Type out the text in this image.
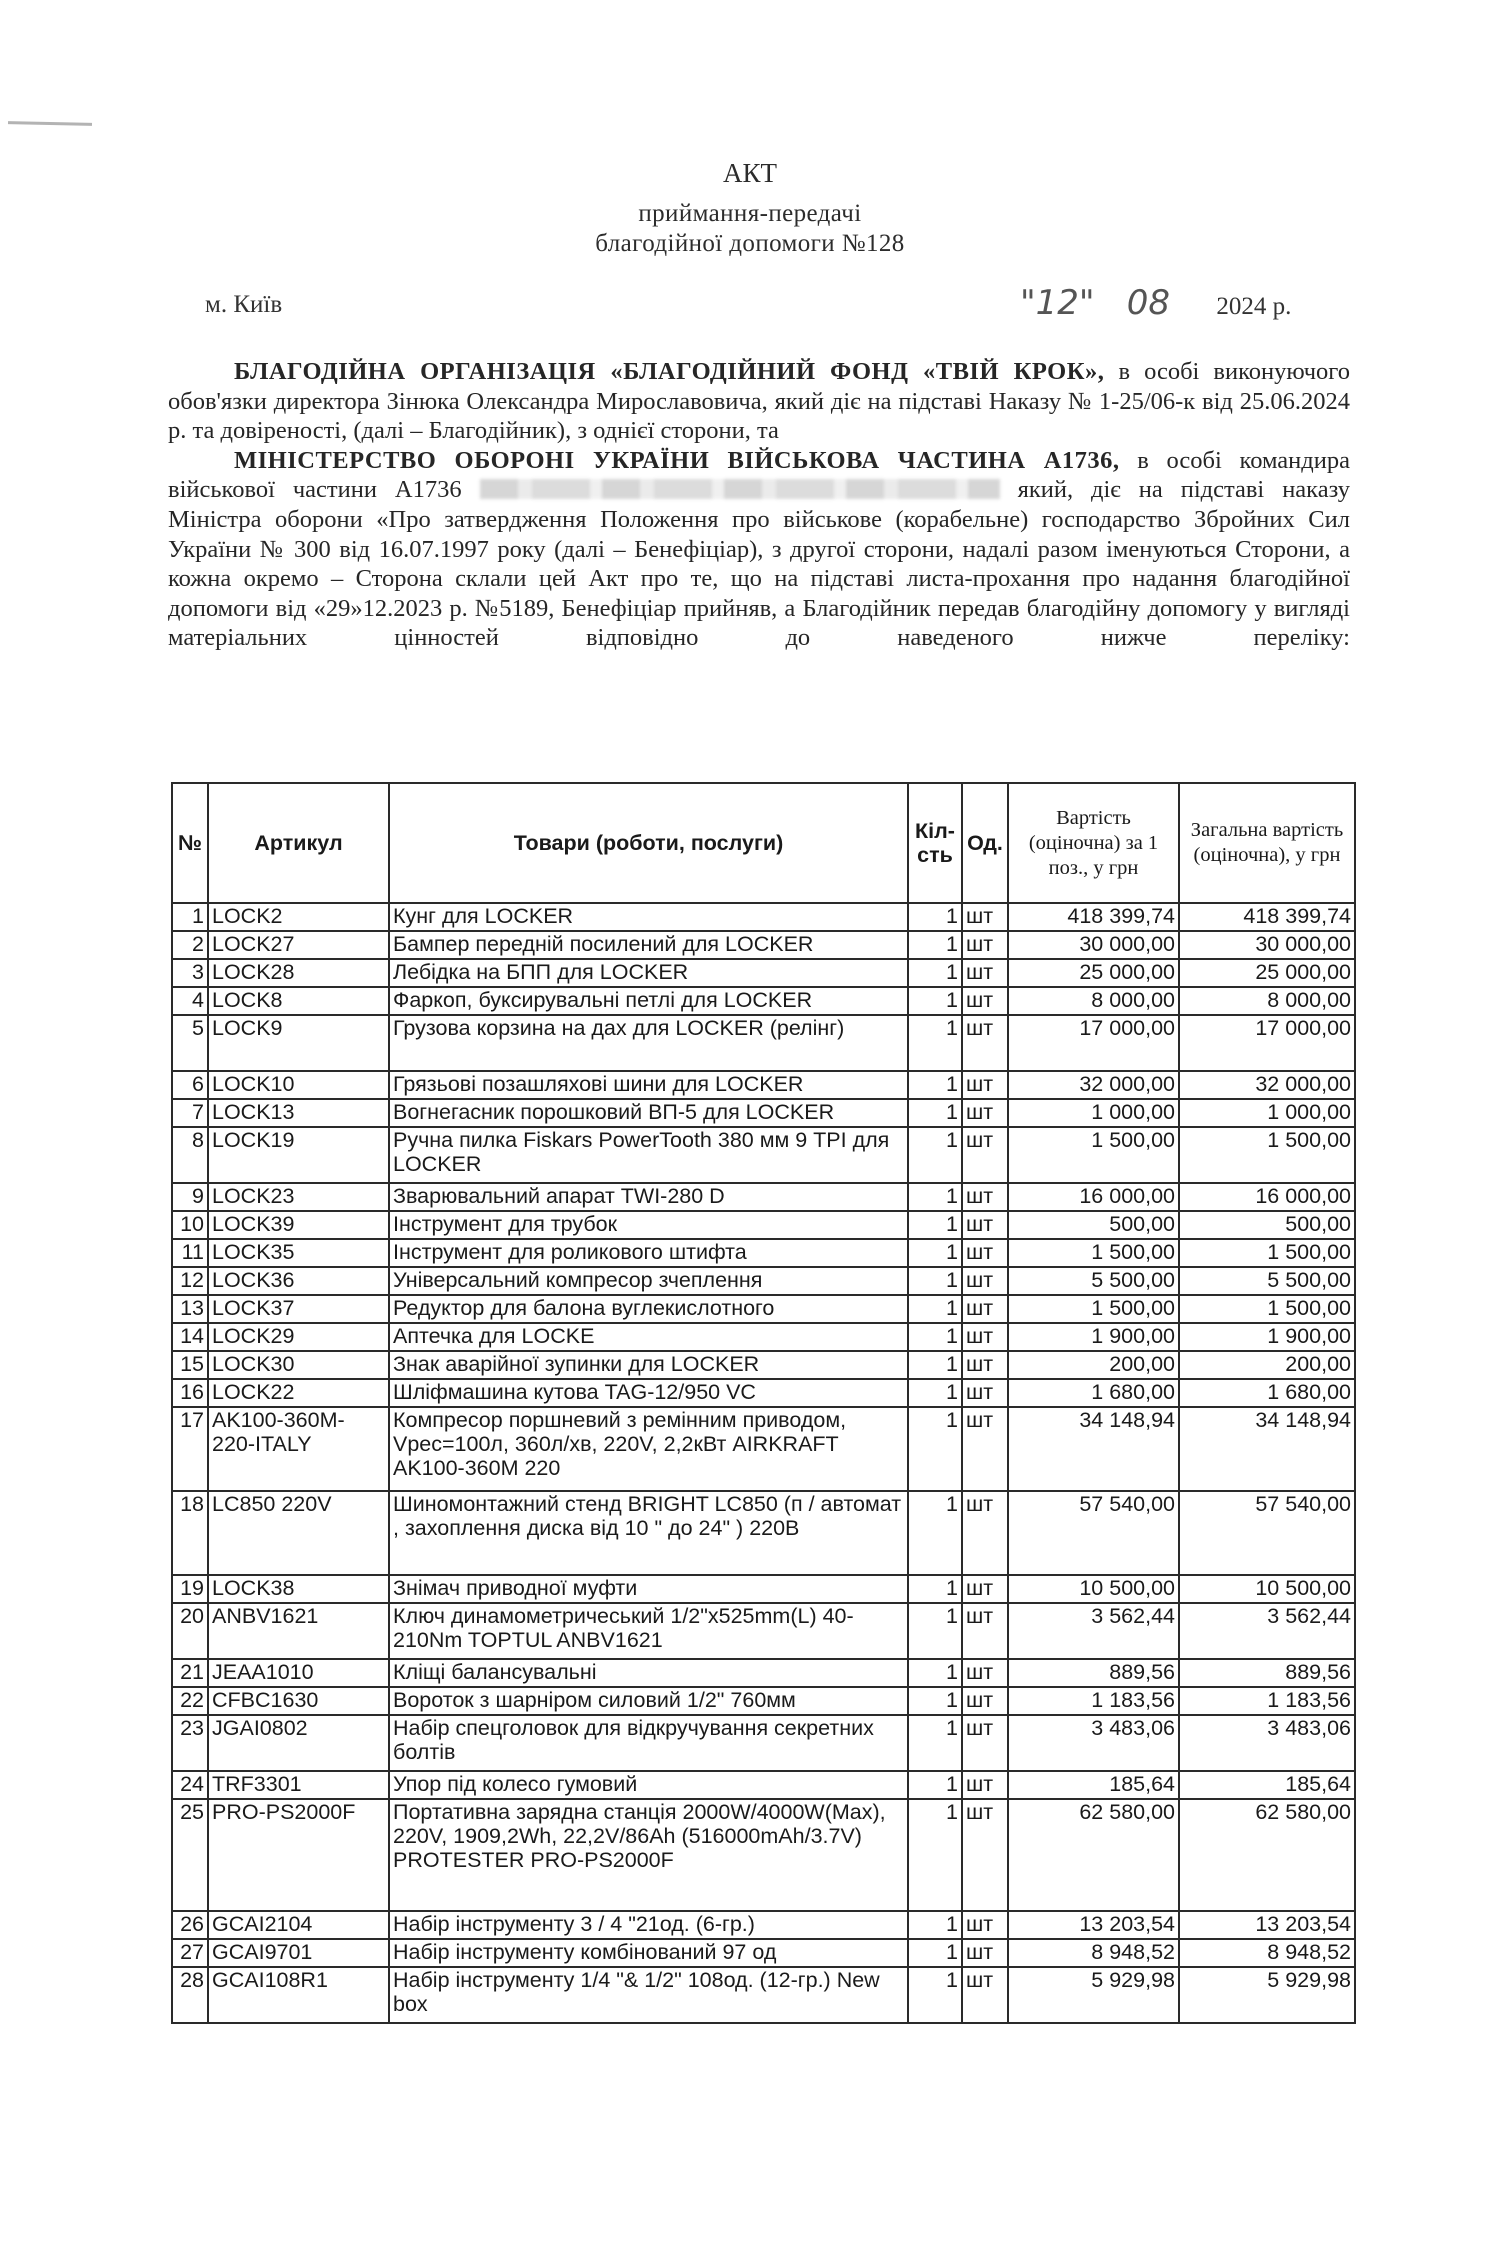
АКТ
приймання-передачі
благодійної допомоги №128
м. Київ	"12" 08 2024 р.

БЛАГОДІЙНА ОРГАНІЗАЦІЯ «БЛАГОДІЙНИЙ ФОНД «ТВІЙ КРОК», в особі виконуючого обов'язки директора Зінюка Олександра Мирославовича, який діє на підставі Наказу № 1-25/06-к від 25.06.2024 р. та довіреності, (далі – Благодійник), з однієї сторони, та

МІНІСТЕРСТВО ОБОРОНІ УКРАЇНИ ВІЙСЬКОВА ЧАСТИНА А1736, в особі командира військової частини А1736	який, діє на підставі наказу Міністра оборони «Про затвердження Положення про військове (корабельне) господарство Збройних Сил України № 300 від 16.07.1997 року (далі – Бенефіціар), з другої сторони, надалі разом іменуються Сторони, а кожна окремо – Сторона склали цей Акт про те, що на підставі листа-прохання про надання благодійної допомоги від «29»12.2023 р. №5189, Бенефіціар прийняв, а Благодійник передав благодійну допомогу у вигляді матеріальних цінностей відповідно до наведеного нижче переліку:

№	Артикул	Товари (роботи, послуги)	Кіл-сть	Од.	Вартість (оціночна) за 1 поз., у грн	Загальна вартість (оціночна), у грн
1	LOCK2	Кунг для LOCKER	1	шт	418 399,74	418 399,74
2	LOCK27	Бампер передній посилений для LOCKER	1	шт	30 000,00	30 000,00
3	LOCK28	Лебідка на БПП для LOCKER	1	шт	25 000,00	25 000,00
4	LOCK8	Фаркоп, буксирувальні петлі для LOCKER	1	шт	8 000,00	8 000,00
5	LOCK9	Грузова корзина на дах для LOCKER (релінг)	1	шт	17 000,00	17 000,00
6	LOCK10	Грязьові позашляхові шини для LOCKER	1	шт	32 000,00	32 000,00
7	LOCK13	Вогнегасник порошковий ВП-5 для LOCKER	1	шт	1 000,00	1 000,00
8	LOCK19	Ручна пилка Fiskars PowerTooth 380 мм 9 TPI для LOCKER	1	шт	1 500,00	1 500,00
9	LOCK23	Зварювальний апарат TWI-280 D	1	шт	16 000,00	16 000,00
10	LOCK39	Інструмент для трубок	1	шт	500,00	500,00
11	LOCK35	Інструмент для роликового штифта	1	шт	1 500,00	1 500,00
12	LOCK36	Універсальний компресор зчеплення	1	шт	5 500,00	5 500,00
13	LOCK37	Редуктор для балона вуглекислотного	1	шт	1 500,00	1 500,00
14	LOCK29	Аптечка для LOCKE	1	шт	1 900,00	1 900,00
15	LOCK30	Знак аварійної зупинки для LOCKER	1	шт	200,00	200,00
16	LOCK22	Шліфмашина кутова TAG-12/950 VC	1	шт	1 680,00	1 680,00
17	AK100-360M-220-ITALY	Компресор поршневий з ремінним приводом, Vpec=100л, 360л/хв, 220V, 2,2кВт AIRKRAFT AK100-360M 220	1	шт	34 148,94	34 148,94
18	LC850 220V	Шиномонтажний стенд BRIGHT LC850 (п / автомат , захоплення диска від 10 " до 24" ) 220В	1	шт	57 540,00	57 540,00
19	LOCK38	Знімач приводної муфти	1	шт	10 500,00	10 500,00
20	ANBV1621	Ключ динамометричеський 1/2"x525mm(L) 40-210Nm TOPTUL ANBV1621	1	шт	3 562,44	3 562,44
21	JEAA1010	Кліщі балансувальні	1	шт	889,56	889,56
22	CFBC1630	Вороток з шарніром силовий 1/2" 760мм	1	шт	1 183,56	1 183,56
23	JGAI0802	Набір спецголовок для відкручування секретних болтів	1	шт	3 483,06	3 483,06
24	TRF3301	Упор під колесо гумовий	1	шт	185,64	185,64
25	PRO-PS2000F	Портативна зарядна станція 2000W/4000W(Max), 220V, 1909,2Wh, 22,2V/86Ah (516000mAh/3.7V) PROTESTER PRO-PS2000F	1	шт	62 580,00	62 580,00
26	GCAI2104	Набір інструменту 3 / 4 "21од. (6-гр.)	1	шт	13 203,54	13 203,54
27	GCAI9701	Набір інструменту комбінований 97 од	1	шт	8 948,52	8 948,52
28	GCAI108R1	Набір інструменту 1/4 "& 1/2" 108од. (12-гр.) New box	1	шт	5 929,98	5 929,98
